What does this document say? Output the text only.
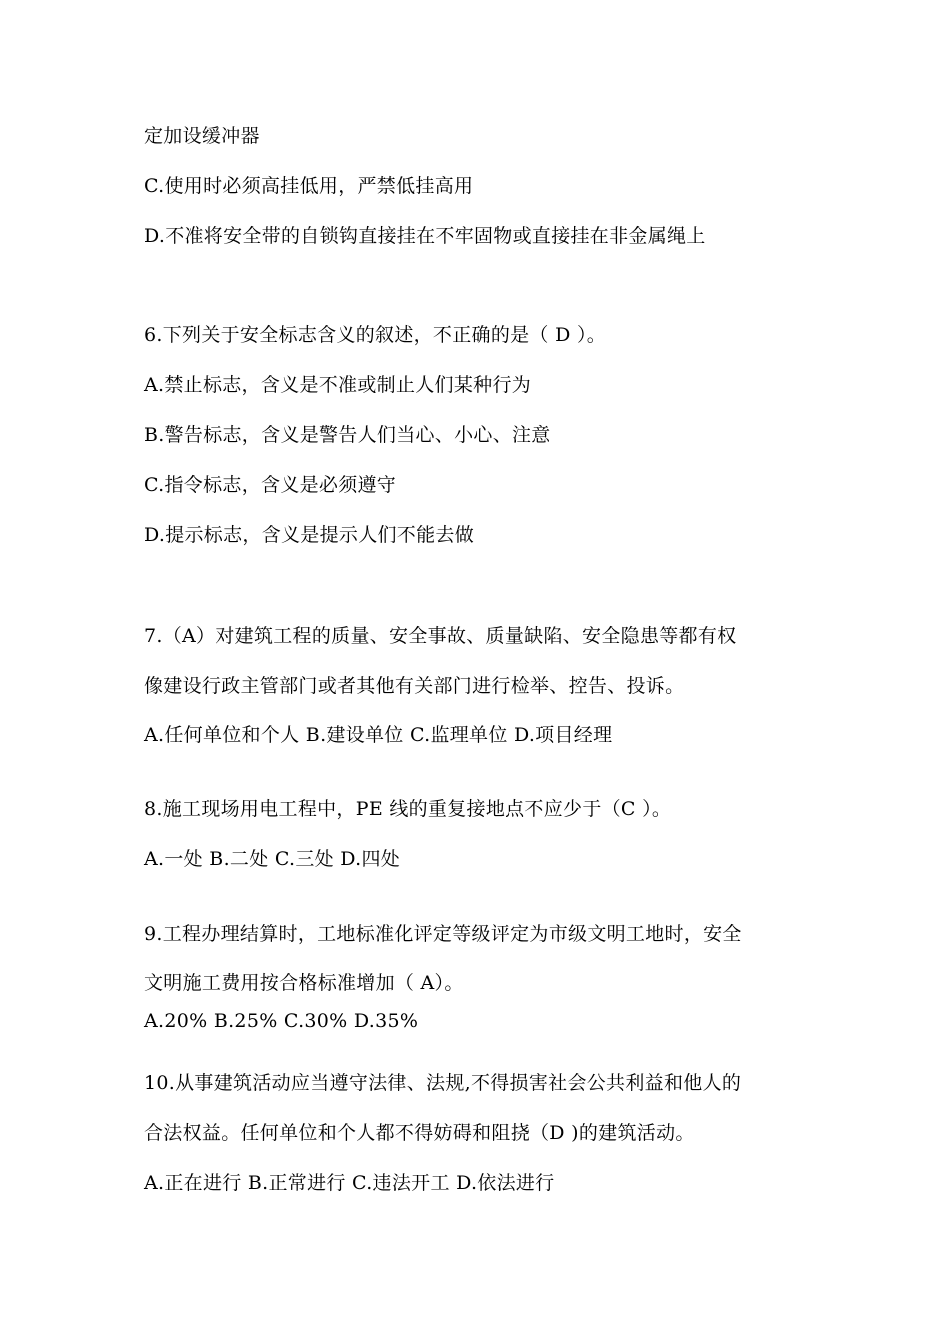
定加设缓冲器
C.使用时必须高挂低用，严禁低挂高用
D.不准将安全带的自锁钩直接挂在不牢固物或直接挂在非金属绳上
6.下列关于安全标志含义的叙述，不正确的是（ D ）。
A.禁止标志，含义是不准或制止人们某种行为
B.警告标志，含义是警告人们当心、小心、注意
C.指令标志，含义是必须遵守
D.提示标志，含义是提示人们不能去做
7.（A）对建筑工程的质量、安全事故、质量缺陷、安全隐患等都有权
像建设行政主管部门或者其他有关部门进行检举、控告、投诉。
A.任何单位和个人 B.建设单位 C.监理单位 D.项目经理
8.施工现场用电工程中，PE 线的重复接地点不应少于（C ）。
A.一处 B.二处 C.三处 D.四处
9.工程办理结算时，工地标准化评定等级评定为市级文明工地时，安全
文明施工费用按合格标准增加（ A）。
A.20% B.25% C.30% D.35%
10.从事建筑活动应当遵守法律、法规,不得损害社会公共利益和他人的
合法权益。任何单位和个人都不得妨碍和阻挠（D )的建筑活动。
A.正在进行 B.正常进行 C.违法开工 D.依法进行
